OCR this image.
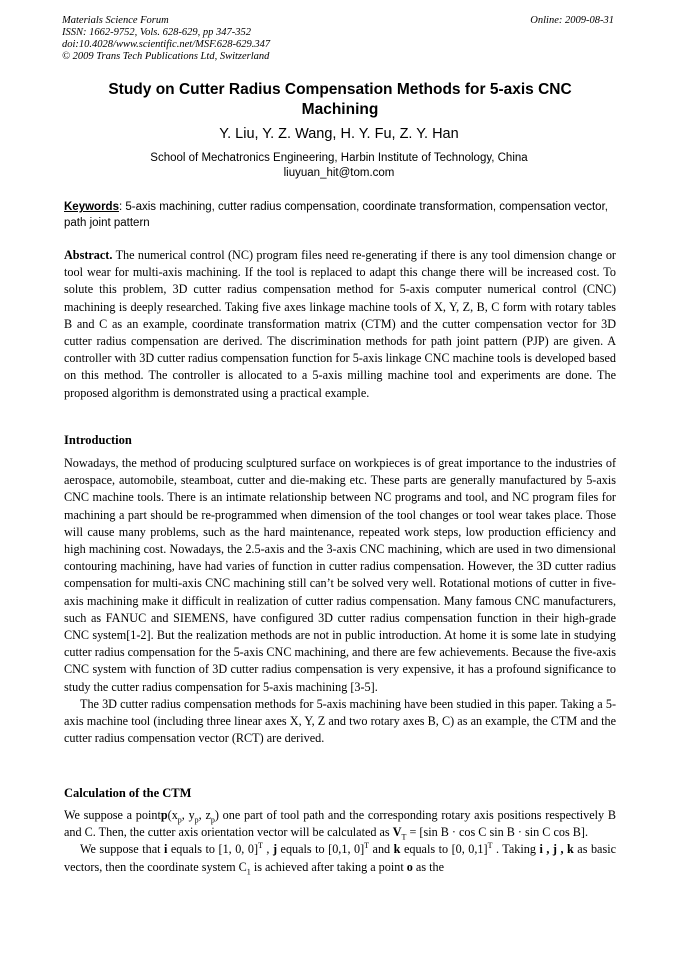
Materials Science Forum
ISSN: 1662-9752, Vols. 628-629, pp 347-352
doi:10.4028/www.scientific.net/MSF.628-629.347
© 2009 Trans Tech Publications Ltd, Switzerland
Online: 2009-08-31
Study on Cutter Radius Compensation Methods for 5-axis CNC Machining
Y. Liu, Y. Z. Wang, H. Y. Fu, Z. Y. Han
School of Mechatronics Engineering, Harbin Institute of Technology, China
liuyuan_hit@tom.com
Keywords: 5-axis machining, cutter radius compensation, coordinate transformation, compensation vector, path joint pattern
Abstract. The numerical control (NC) program files need re-generating if there is any tool dimension change or tool wear for multi-axis machining. If the tool is replaced to adapt this change there will be increased cost. To solute this problem, 3D cutter radius compensation method for 5-axis computer numerical control (CNC) machining is deeply researched. Taking five axes linkage machine tools of X, Y, Z, B, C form with rotary tables B and C as an example, coordinate transformation matrix (CTM) and the cutter compensation vector for 3D cutter radius compensation are derived. The discrimination methods for path joint pattern (PJP) are given. A controller with 3D cutter radius compensation function for 5-axis linkage CNC machine tools is developed based on this method. The controller is allocated to a 5-axis milling machine tool and experiments are done. The proposed algorithm is demonstrated using a practical example.
Introduction
Nowadays, the method of producing sculptured surface on workpieces is of great importance to the industries of aerospace, automobile, steamboat, cutter and die-making etc. These parts are generally manufactured by 5-axis CNC machine tools. There is an intimate relationship between NC programs and tool, and NC program files for machining a part should be re-programmed when dimension of the tool changes or tool wear takes place. Those will cause many problems, such as the hard maintenance, repeated work steps, low production efficiency and high machining cost. Nowadays, the 2.5-axis and the 3-axis CNC machining, which are used in two dimensional contouring machining, have had varies of function in cutter radius compensation. However, the 3D cutter radius compensation for multi-axis CNC machining still can’t be solved very well. Rotational motions of cutter in five-axis machining make it difficult in realization of cutter radius compensation. Many famous CNC manufacturers, such as FANUC and SIEMENS, have configured 3D cutter radius compensation function in their high-grade CNC system[1-2]. But the realization methods are not in public introduction. At home it is some late in studying cutter radius compensation for the 5-axis CNC machining, and there are few achievements. Because the five-axis CNC system with function of 3D cutter radius compensation is very expensive, it has a profound significance to study the cutter radius compensation for 5-axis machining [3-5].
The 3D cutter radius compensation methods for 5-axis machining have been studied in this paper. Taking a 5-axis machine tool (including three linear axes X, Y, Z and two rotary axes B, C) as an example, the CTM and the cutter radius compensation vector (RCT) are derived.
Calculation of the CTM
We suppose a $pointp(x_p$, $y_p$, $z_p$) one part of tool path and the corresponding rotary axis positions respectively B and C. Then, the cutter axis orientation vector will be calculated as $V_T = [\sin$ B · cos C sin B · sin C cos B].
We suppose that i equals to [1, 0, 0]$^T$ , j equals to [0,1, 0]$^T$ and k equals to [0, 0,1]$^T$ . Taking i , j , k as basic vectors, then the coordinate system $C_1$ is achieved after taking a point o as the
